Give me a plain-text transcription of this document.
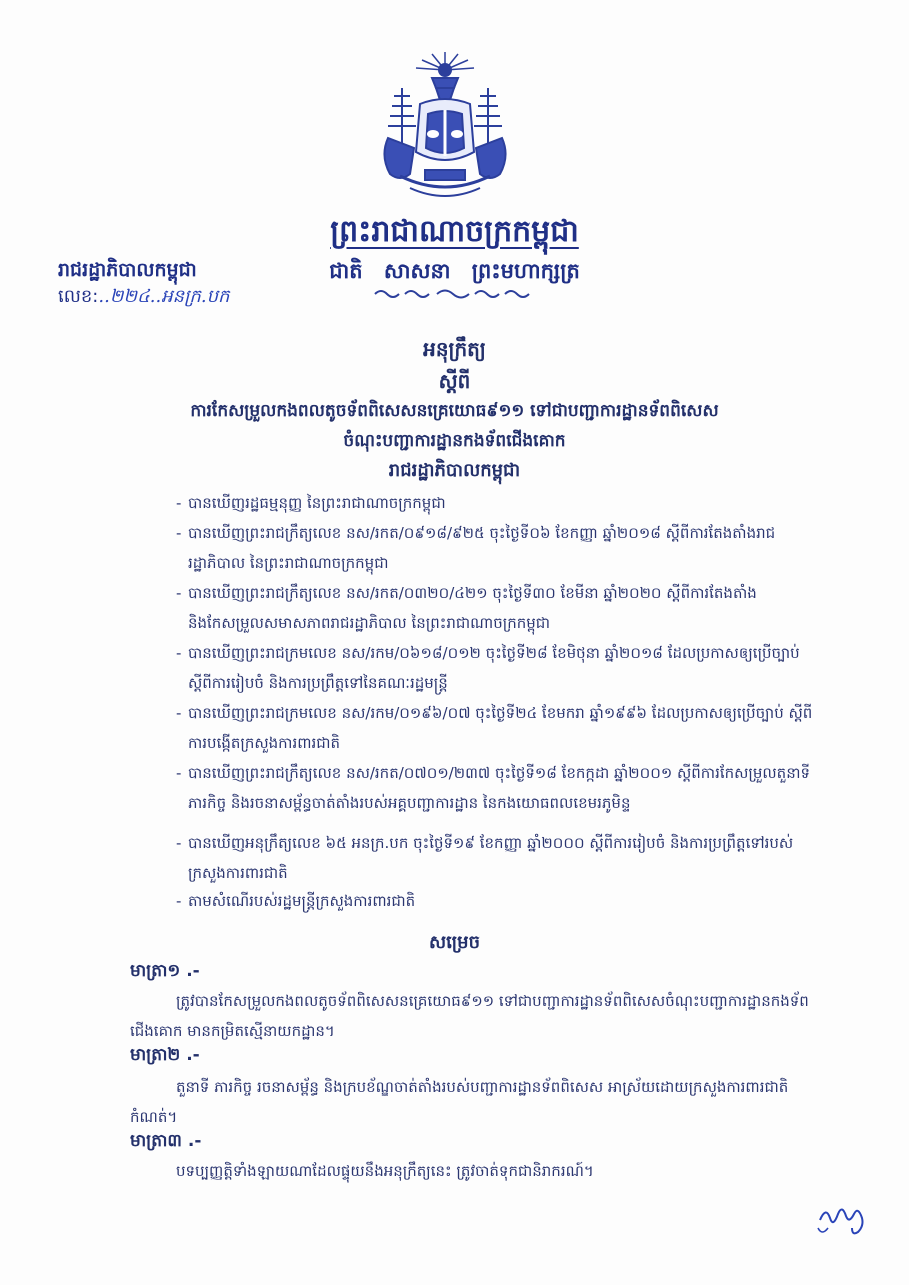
ព្រះរាជាណាចក្រកម្ពុជា
ជាតិ សាសនា ព្រះមហាក្សត្រ
រាជរដ្ឋាភិបាលកម្ពុជា
លេខ:..២២៤..អនក្រ.បក
អនុក្រឹត្យ
ស្តីពី
ការកែសម្រួលកងពលតូចទ័ពពិសេសនគ្រេយោធ៩១១ ទៅជាបញ្ជាការដ្ឋានទ័ពពិសេស
ចំណុះបញ្ជាការដ្ឋានកងទ័ពជើងគោក
រាជរដ្ឋាភិបាលកម្ពុជា
- បានឃើញរដ្ឋធម្មនុញ្ញ នៃព្រះរាជាណាចក្រកម្ពុជា
- បានឃើញព្រះរាជក្រឹត្យលេខ នស/រកត/០៩១៨/៩២៥ ចុះថ្ងៃទី០៦ ខែកញ្ញា ឆ្នាំ២០១៨ ស្តីពីការតែងតាំងរាជរដ្ឋាភិបាល នៃព្រះរាជាណាចក្រកម្ពុជា
- បានឃើញព្រះរាជក្រឹត្យលេខ នស/រកត/០៣២០/៤២១ ចុះថ្ងៃទី៣០ ខែមីនា ឆ្នាំ២០២០ ស្តីពីការតែងតាំង និងកែសម្រួលសមាសភាពរាជរដ្ឋាភិបាល នៃព្រះរាជាណាចក្រកម្ពុជា
- បានឃើញព្រះរាជក្រមលេខ នស/រកម/០៦១៨/០១២ ចុះថ្ងៃទី២៨ ខែមិថុនា ឆ្នាំ២០១៨ ដែលប្រកាសឲ្យប្រើច្បាប់ ស្តីពីការរៀបចំ និងការប្រព្រឹត្តទៅនៃគណៈរដ្ឋមន្ត្រី
- បានឃើញព្រះរាជក្រមលេខ នស/រកម/០១៩៦/០៧ ចុះថ្ងៃទី២៤ ខែមករា ឆ្នាំ១៩៩៦ ដែលប្រកាសឲ្យប្រើច្បាប់ ស្តីពីការបង្កើតក្រសួងការពារជាតិ
- បានឃើញព្រះរាជក្រឹត្យលេខ នស/រកត/០៧០១/២៣៧ ចុះថ្ងៃទី១៨ ខែកក្កដា ឆ្នាំ២០០១ ស្តីពីការកែសម្រួលតួនាទី ភារកិច្ច និងរចនាសម្ព័ន្ធចាត់តាំងរបស់អគ្គបញ្ជាការដ្ឋាន នៃកងយោធពលខេមរភូមិន្ទ
- បានឃើញអនុក្រឹត្យលេខ ៦៥ អនក្រ.បក ចុះថ្ងៃទី១៩ ខែកញ្ញា ឆ្នាំ២០០០ ស្តីពីការរៀបចំ និងការប្រព្រឹត្តទៅរបស់ក្រសួងការពារជាតិ
- តាមសំណើរបស់រដ្ឋមន្ត្រីក្រសួងការពារជាតិ
សម្រេច
មាត្រា១ .-
ត្រូវបានកែសម្រួលកងពលតូចទ័ពពិសេសនគ្រេយោធ៩១១ ទៅជាបញ្ជាការដ្ឋានទ័ពពិសេសចំណុះបញ្ជាការដ្ឋានកងទ័ពជើងគោក មានកម្រិតស្មើនាយកដ្ឋាន។
មាត្រា២ .-
តួនាទី ភារកិច្ច រចនាសម្ព័ន្ធ និងក្របខ័ណ្ឌចាត់តាំងរបស់បញ្ជាការដ្ឋានទ័ពពិសេស អាស្រ័យដោយក្រសួងការពារជាតិកំណត់។
មាត្រា៣ .-
បទប្បញ្ញត្តិទាំងឡាយណាដែលផ្ទុយនឹងអនុក្រឹត្យនេះ ត្រូវចាត់ទុកជានិរាករណ៍។
